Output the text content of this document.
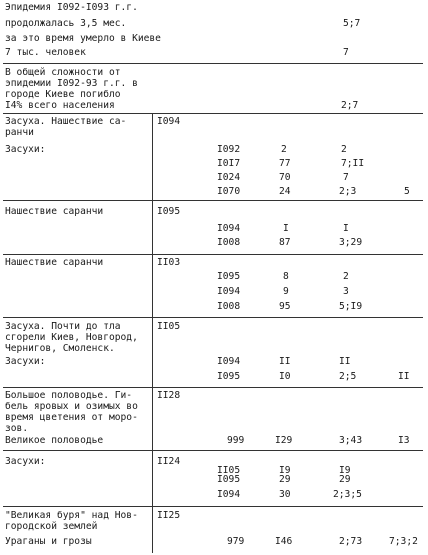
Эпидемия I092-I093 г.г.
продолжалась 3,5 мес.	5;7
за это время умерло в Киеве
7 тыс. человек	7
В общей сложности от
эпидемии I092-93 г.г. в
городе Киеве погибло
I4% всего населения	2;7
Засуха. Нашествие са-
ранчи
I094
Засухи:	I092	2	2
I0I7	77	7;II
I024	70	7
I070	24	2;3	5
Нашествие саранчи	I095
I094	I	I
I008	87	3;29
Нашествие саранчи	II03
I095	8	2
I094	9	3
I008	95	5;I9
Засуха. Почти до тла
сгорели Киев, Новгород,
Чернигов, Смоленск.
II05
Засухи:	I094	II	II
I095	I0	2;5	II
Большое половодье. Ги-
бель яровых и озимых во
время цветения от моро-
зов.
II28
Великое половодье	999	I29	3;43	I3
Засухи:	II24
II05	I9	I9
I095	29	29
I094	30	2;3;5
"Великая буря" над Нов-
городской землей
II25
Ураганы и грозы	979	I46	2;73	7;3;2
